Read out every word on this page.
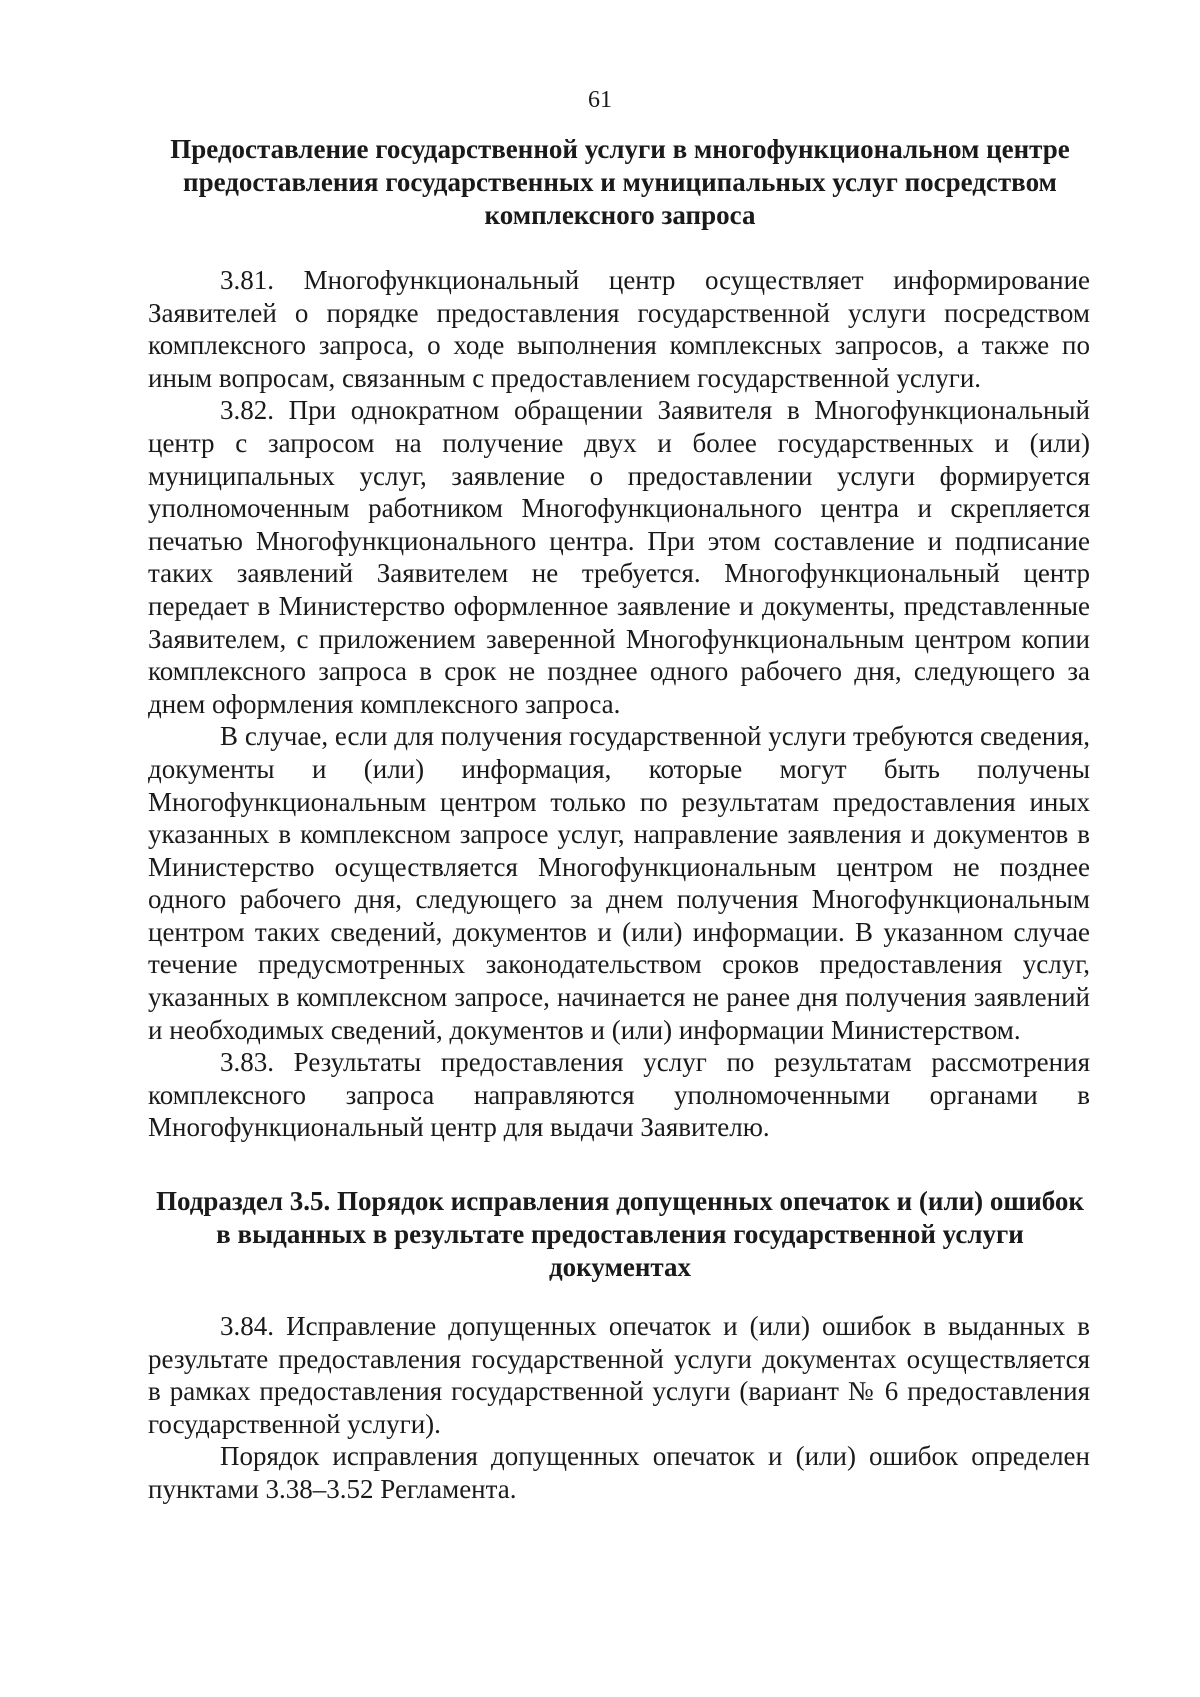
61
Предоставление государственной услуги в многофункциональном центре предоставления государственных и муниципальных услуг посредством комплексного запроса

3.81. Многофункциональный центр осуществляет информирование Заявителей о порядке предоставления государственной услуги посредством комплексного запроса, о ходе выполнения комплексных запросов, а также по иным вопросам, связанным с предоставлением государственной услуги.

3.82. При однократном обращении Заявителя в Многофункциональный центр с запросом на получение двух и более государственных и (или) муниципальных услуг, заявление о предоставлении услуги формируется уполномоченным работником Многофункционального центра и скрепляется печатью Многофункционального центра. При этом составление и подписание таких заявлений Заявителем не требуется. Многофункциональный центр передает в Министерство оформленное заявление и документы, представленные Заявителем, с приложением заверенной Многофункциональным центром копии комплексного запроса в срок не позднее одного рабочего дня, следующего за днем оформления комплексного запроса.

В случае, если для получения государственной услуги требуются сведения, документы и (или) информация, которые могут быть получены Многофункциональным центром только по результатам предоставления иных указанных в комплексном запросе услуг, направление заявления и документов в Министерство осуществляется Многофункциональным центром не позднее одного рабочего дня, следующего за днем получения Многофункциональным центром таких сведений, документов и (или) информации. В указанном случае течение предусмотренных законодательством сроков предоставления услуг, указанных в комплексном запросе, начинается не ранее дня получения заявлений и необходимых сведений, документов и (или) информации Министерством.

3.83. Результаты предоставления услуг по результатам рассмотрения комплексного запроса направляются уполномоченными органами в Многофункциональный центр для выдачи Заявителю.

Подраздел 3.5. Порядок исправления допущенных опечаток и (или) ошибок в выданных в результате предоставления государственной услуги документах

3.84. Исправление допущенных опечаток и (или) ошибок в выданных в результате предоставления государственной услуги документах осуществляется в рамках предоставления государственной услуги (вариант № 6 предоставления государственной услуги).

Порядок исправления допущенных опечаток и (или) ошибок определен пунктами 3.38–3.52 Регламента.
